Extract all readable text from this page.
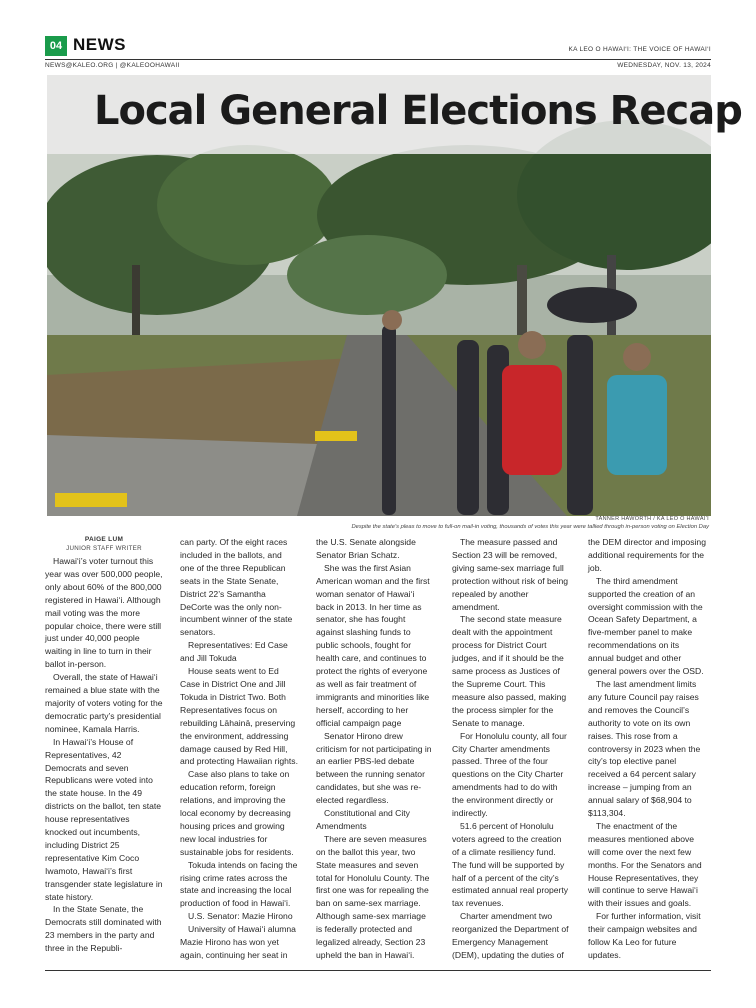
04 NEWS	KA LEO O HAWAI‘I: THE VOICE OF HAWAI‘I
NEWS@KALEO.ORG | @KALEOOHAWAII	WEDNESDAY, NOV. 13, 2024
Local General Elections Recap
TANNER HAWORTH / KA LEO O HAWAI‘I
Despite the state's pleas to move to full-on mail-in voting, thousands of votes this year were tallied through in-person voting on Election Day
PAIGE LUM
JUNIOR STAFF WRITER

Hawai‘i’s voter turnout this year was over 500,000 people, only about 60% of the 800,000 registered in Hawai‘i. Although mail voting was the more popular choice, there were still just under 40,000 people waiting in line to turn in their ballot in-person.

Overall, the state of Hawai‘i remained a blue state with the majority of voters voting for the democratic party’s presidential nominee, Kamala Harris.

In Hawai‘i’s House of Representatives, 42 Democrats and seven Republicans were voted into the state house. In the 49 districts on the ballot, ten state house representatives knocked out incumbents, including District 25 representative Kim Coco Iwamoto, Hawai‘i’s first transgender state legislature in state history.

In the State Senate, the Democrats still dominated with 23 members in the party and three in the Republi-

can party. Of the eight races included in the ballots, and one of the three Republican seats in the State Senate, District 22’s Samantha DeCorte was the only non-incumbent winner of the state senators.

Representatives: Ed Case and Jill Tokuda

House seats went to Ed Case in District One and Jill Tokuda in District Two. Both Representatives focus on rebuilding Lāhainā, preserving the environment, addressing damage caused by Red Hill, and protecting Hawaiian rights.

Case also plans to take on education reform, foreign relations, and improving the local economy by decreasing housing prices and growing new local industries for sustainable jobs for residents.

Tokuda intends on facing the rising crime rates across the state and increasing the local production of food in Hawai‘i.

U.S. Senator: Mazie Hirono

University of Hawai‘i alumna Mazie Hirono has won yet again, continuing her seat in

the U.S. Senate alongside Senator Brian Schatz.

She was the first Asian American woman and the first woman senator of Hawai‘i back in 2013. In her time as senator, she has fought against slashing funds to public schools, fought for health care, and continues to protect the rights of everyone as well as fair treatment of immigrants and minorities like herself, according to her official campaign page

Senator Hirono drew criticism for not participating in an earlier PBS-led debate between the running senator candidates, but she was re-elected regardless.

Constitutional and City Amendments

There are seven measures on the ballot this year, two State measures and seven total for Honolulu County. The first one was for repealing the ban on same-sex marriage. Although same-sex marriage is federally protected and legalized already, Section 23 upheld the ban in Hawai‘i.

The measure passed and Section 23 will be removed, giving same-sex marriage full protection without risk of being repealed by another amendment.

The second state measure dealt with the appointment process for District Court judges, and if it should be the same process as Justices of the Supreme Court. This measure also passed, making the process simpler for the Senate to manage.

For Honolulu county, all four City Charter amendments passed. Three of the four questions on the City Charter amendments had to do with the environment directly or indirectly.

51.6 percent of Honolulu voters agreed to the creation of a climate resiliency fund. The fund will be supported by half of a percent of the city’s estimated annual real property tax revenues.

Charter amendment two reorganized the Department of Emergency Management (DEM), updating the duties of

the DEM director and imposing additional requirements for the job.

The third amendment supported the creation of an oversight commission with the Ocean Safety Department, a five-member panel to make recommendations on its annual budget and other general powers over the OSD.

The last amendment limits any future Council pay raises and removes the Council’s authority to vote on its own raises. This rose from a controversy in 2023 when the city’s top elective panel received a 64 percent salary increase – jumping from an annual salary of $68,904 to $113,304.

The enactment of the measures mentioned above will come over the next few months. For the Senators and House Representatives, they will continue to serve Hawai‘i with their issues and goals.

For further information, visit their campaign websites and follow Ka Leo for future updates.
